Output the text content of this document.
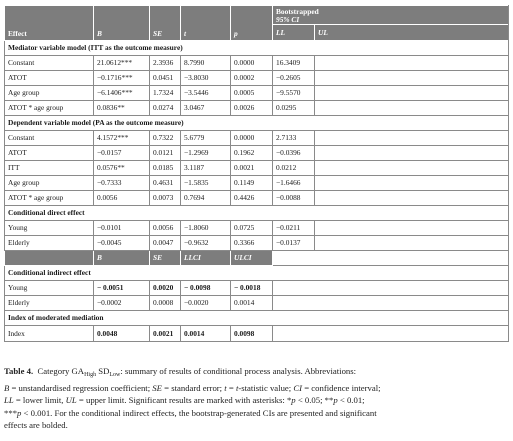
Effect	B	SE	t	p	Bootstrapped
95% CI		

					LL	UL	
Mediator variable model (ITT as the outcome measure)							
Constant	21.0612***	2.3936	8.7990	0.0000	16.3409		
ATOT	−0.1716***	0.0451	−3.8030	0.0002	−0.2605		
Age group	−6.1406***	1.7324	−3.5446	0.0005	−9.5570		
ATOT * age group	0.0836**	0.0274	3.0467	0.0026	0.0295		
Dependent variable model (PA as the outcome measure)							
Constant	4.1572***	0.7322	5.6779	0.0000	2.7133		
ATOT	−0.0157	0.0121	−1.2969	0.1962	−0.0396		
ITT	0.0576**	0.0185	3.1187	0.0021	0.0212		
Age group	−0.7333	0.4631	−1.5835	0.1149	−1.6466		
ATOT * age group	0.0056	0.0073	0.7694	0.4426	−0.0088		
Conditional direct effect							
Young	−0.0101	0.0056	−1.8060	0.0725	−0.0211		
Elderly	−0.0045	0.0047	−0.9632	0.3366	−0.0137		
	B	SE	LLCI	ULCI			
Conditional indirect effect							
Young	− 0.0051	0.0020	− 0.0098	− 0.0018			
Elderly	−0.0002	0.0008	−0.0020	0.0014			
Index of moderated mediation							
Index	0.0048	0.0021	0.0014	0.0098			
Table 4. Category $GA_{High}$ $SD_{Low}$: summary of results of conditional process analysis. Abbreviations:
B = unstandardised regression coefficient; SE = standard error; t = t-statistic value; CI = confidence interval;
LL = lower limit, UL = upper limit. Significant results are marked with asterisks: *p < 0.05; **p < 0.01;
***p < 0.001. For the conditional indirect effects, the bootstrap-generated CIs are presented and significant
effects are bolded.
